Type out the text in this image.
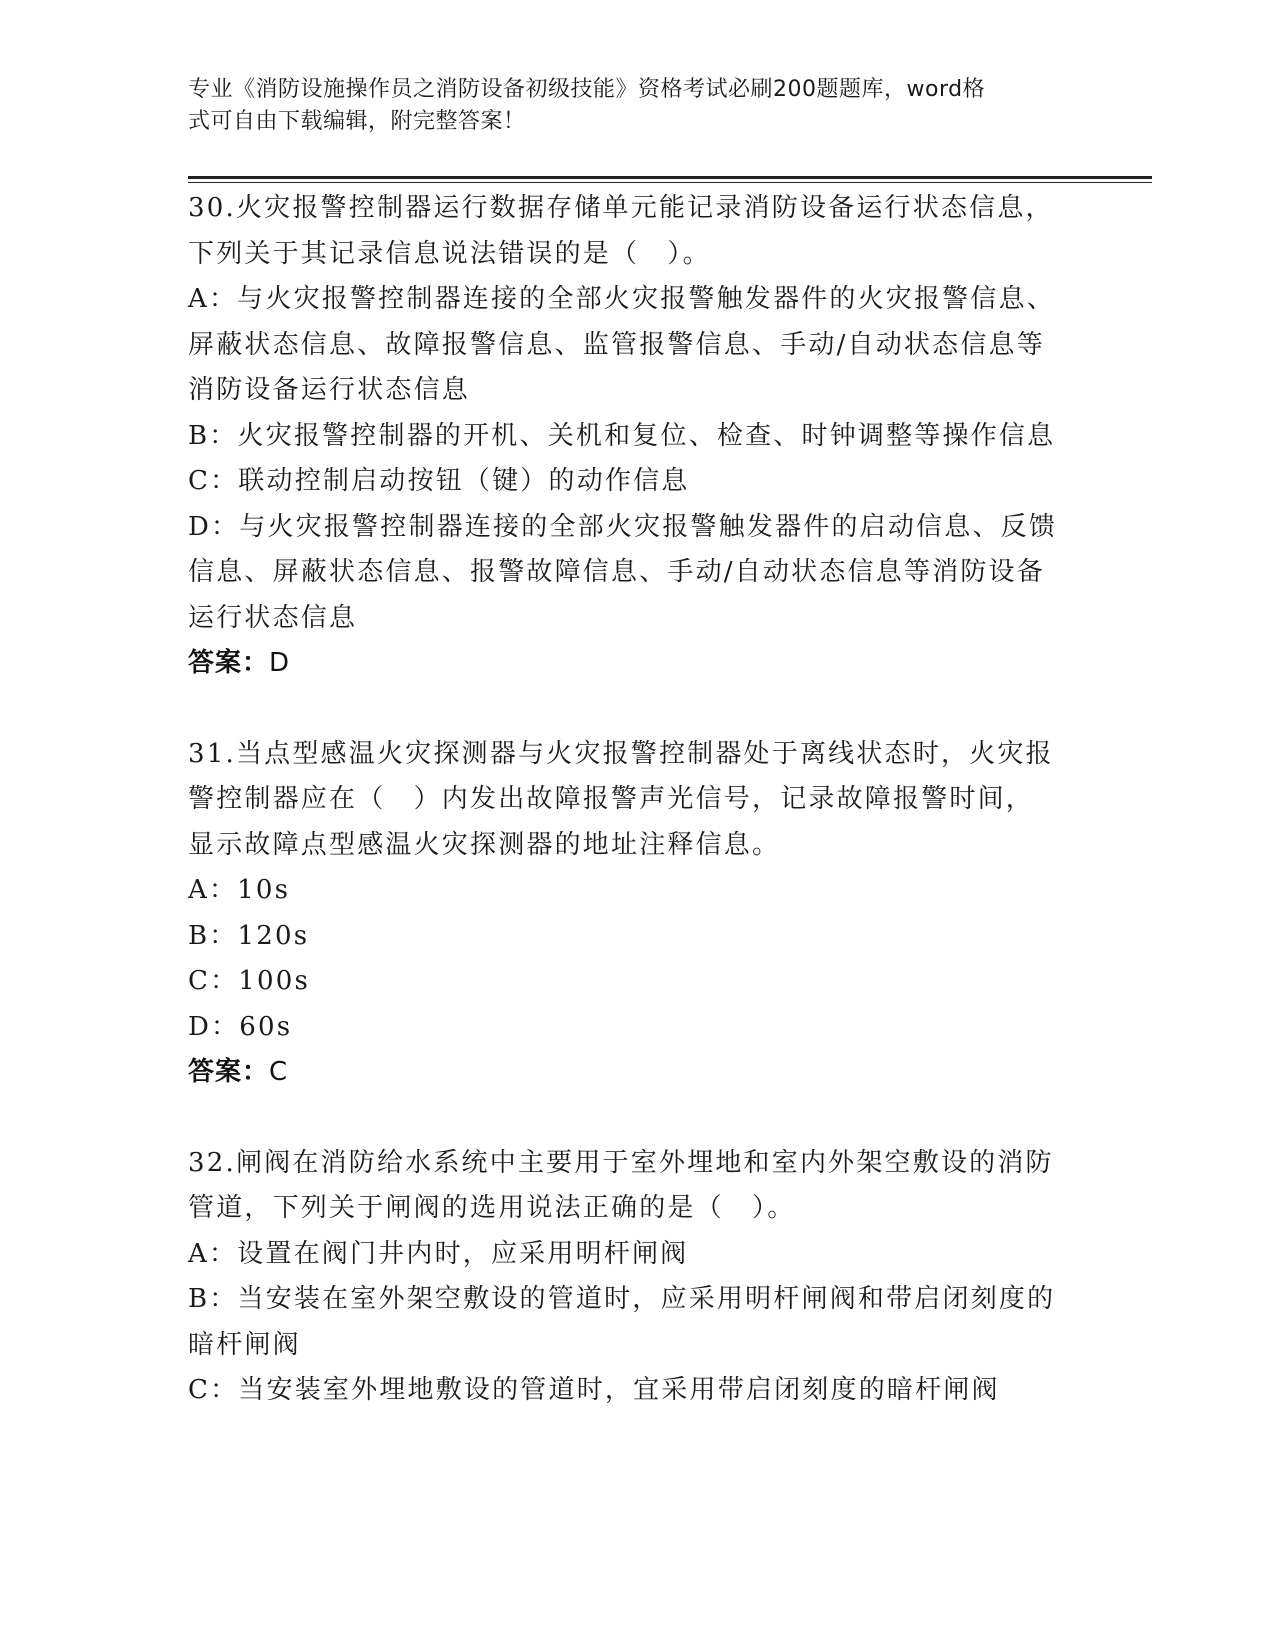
专业《消防设施操作员之消防设备初级技能》资格考试必刷200题题库，word格
式可自由下载编辑，附完整答案！

30.火灾报警控制器运行数据存储单元能记录消防设备运行状态信息，

下列关于其记录信息说法错误的是（　）。

A：与火灾报警控制器连接的全部火灾报警触发器件的火灾报警信息、

屏蔽状态信息、故障报警信息、监管报警信息、手动/自动状态信息等

消防设备运行状态信息

B：火灾报警控制器的开机、关机和复位、检查、时钟调整等操作信息

C：联动控制启动按钮（键）的动作信息

D：与火灾报警控制器连接的全部火灾报警触发器件的启动信息、反馈

信息、屏蔽状态信息、报警故障信息、手动/自动状态信息等消防设备

运行状态信息

答案：D

31.当点型感温火灾探测器与火灾报警控制器处于离线状态时，火灾报

警控制器应在（　）内发出故障报警声光信号，记录故障报警时间，

显示故障点型感温火灾探测器的地址注释信息。

A：10s

B：120s

C：100s

D：60s

答案：C

32.闸阀在消防给水系统中主要用于室外埋地和室内外架空敷设的消防

管道，下列关于闸阀的选用说法正确的是（　）。

A：设置在阀门井内时，应采用明杆闸阀

B：当安装在室外架空敷设的管道时，应采用明杆闸阀和带启闭刻度的

暗杆闸阀

C：当安装室外埋地敷设的管道时，宜采用带启闭刻度的暗杆闸阀
